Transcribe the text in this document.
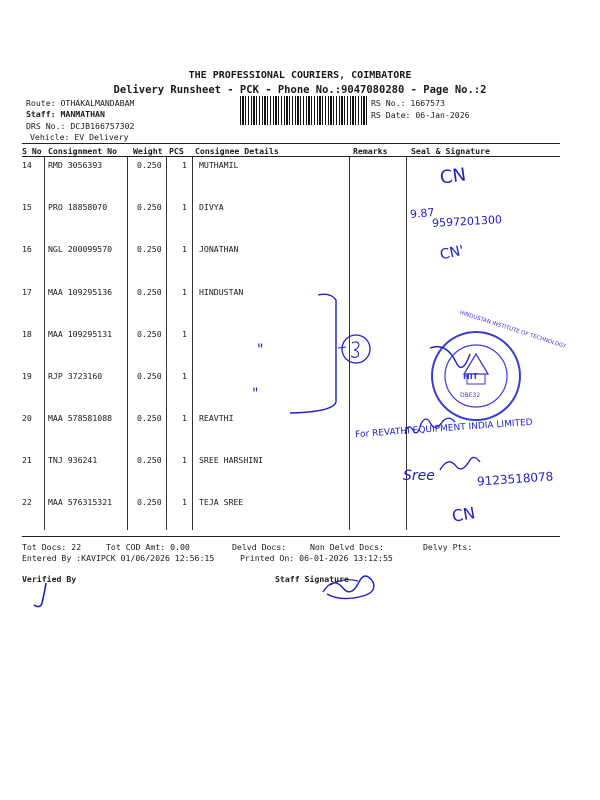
THE PROFESSIONAL COURIERS, COIMBATORE
Delivery Runsheet - PCK - Phone No.:9047080280 - Page No.:2
Route: OTHAKALMANDABAM
Staff: MANMATHAN
DRS No.: DCJB166757302
Vehicle: EV Delivery
RS No.: 1667573
RS Date: 06-Jan-2026
S No Consignment No Weight PCS Consignee Details	Remarks	Seal & Signature
14 RMD 3056393	0.250 1 MUTHAMIL
15 PRO 18858070	0.250 1 DIVYA
16 NGL 200099570	0.250 1 JONATHAN
17 MAA 109295136	0.250 1 HINDUSTAN
18 MAA 109295131	0.250 1
19 RJP 3723160	0.250 1
20 MAA 578581088	0.250 1 REAVTHI
21 TNJ 936241	0.250 1 SREE HARSHINI
22 MAA 576315321	0.250 1 TEJA SREE
CN
9.87
9597201300
CN'
"
"
For REVATHI EQUIPMENT INDIA LIMITED
Sree	9123518078
CN
HIT
HINDUSTAN INSTITUTE OF TECHNOLOGY
DBE32
Tot Docs: 22	Tot COD Amt: 0.00	Delvd Docs:	Non Delvd Docs:	Delvy Pts:
Entered By :KAVIPCK 01/06/2026 12:56:15	Printed On: 06-01-2026 13:12:55
Verified By	Staff Signature
